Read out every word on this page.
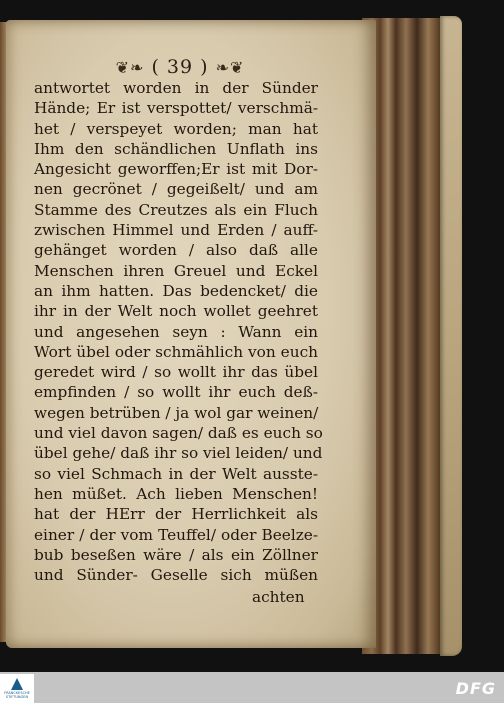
❦❧ ( 39 ) ❧❦
antwortet worden in der Sünder
Hände; Er ist verspottet/ verschmä-
het / verspeyet worden; man hat
Ihm den schändlichen Unflath ins
Angesicht geworffen;Er ist mit Dor-
nen gecrönet / gegeißelt/ und am
Stamme des Creutzes als ein Fluch
zwischen Himmel und Erden / auff-
gehänget worden / also daß alle
Menschen ihren Greuel und Eckel
an ihm hatten. Das bedencket/ die
ihr in der Welt noch wollet geehret
und angesehen seyn : Wann ein
Wort übel oder schmählich von euch
geredet wird / so wollt ihr das übel
empfinden / so wollt ihr euch deß-
wegen betrüben / ja wol gar weinen/
und viel davon sagen/ daß es euch so
übel gehe/ daß ihr so viel leiden/ und
so viel Schmach in der Welt ausste-
hen müßet. Ach lieben Menschen!
hat der HErr der Herrlichkeit als
einer / der vom Teuffel/ oder Beelze-
bub beseßen wäre / als ein Zöllner
und Sünder- Geselle sich müßen
achten
FRANCKESCHE STIFTUNGEN	DFG
